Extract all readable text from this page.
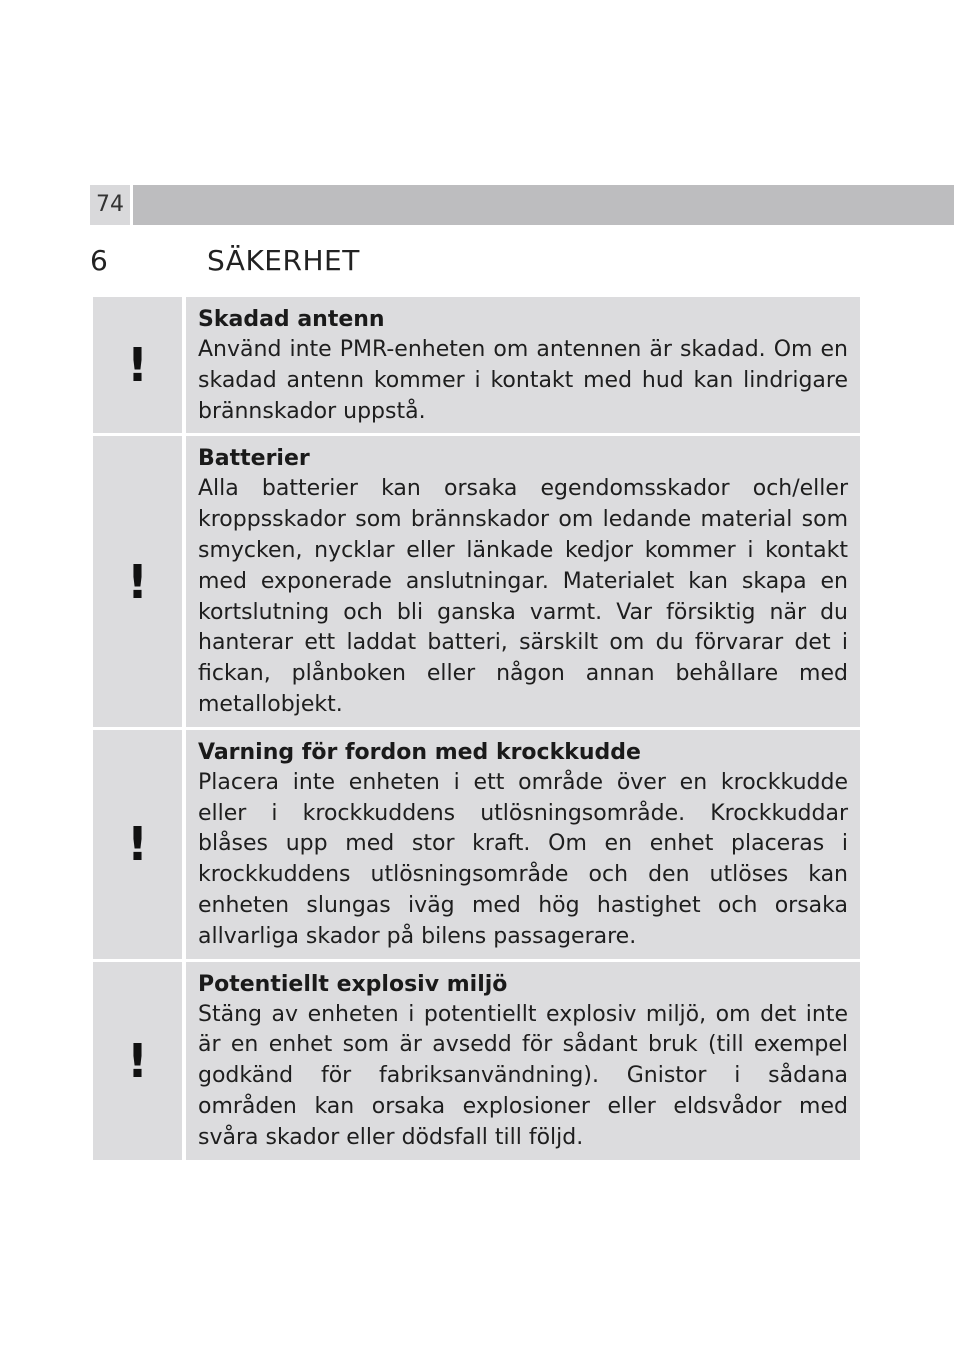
74
6	SÄKERHET
!
Skadad antenn
Använd inte PMR-enheten om antennen är skadad. Om en skadad antenn kommer i kontakt med hud kan lindrigare brännskador uppstå.
!
Batterier
Alla batterier kan orsaka egendomsskador och/eller kroppsskador som brännskador om ledande material som smycken, nycklar eller länkade kedjor kommer i kontakt med exponerade anslutningar. Materialet kan skapa en kortslutning och bli ganska varmt. Var försiktig när du hanterar ett laddat batteri, särskilt om du förvarar det i fickan, plånboken eller någon annan behållare med metallobjekt.
!
Varning för fordon med krockkudde
Placera inte enheten i ett område över en krockkudde eller i krockkuddens utlösningsområde. Krockkuddar blåses upp med stor kraft. Om en enhet placeras i krockkuddens utlösningsområde och den utlöses kan enheten slungas iväg med hög hastighet och orsaka allvarliga skador på bilens passagerare.
!
Potentiellt explosiv miljö
Stäng av enheten i potentiellt explosiv miljö, om det inte är en enhet som är avsedd för sådant bruk (till exempel godkänd för fabriksanvändning). Gnistor i sådana områden kan orsaka explosioner eller eldsvådor med svåra skador eller dödsfall till följd.
